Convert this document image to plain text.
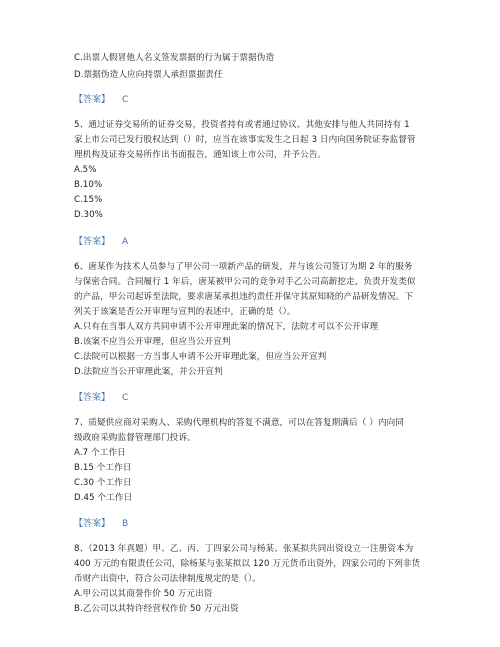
C.出票人假冒他人名义签发票据的行为属于票据伪造
D.票据伪造人应向持票人承担票据责任
【答案】 C
5、通过证券交易所的证券交易，投资者持有或者通过协议、其他安排与他人共同持有 1
家上市公司已发行股权达到（）时，应当在该事实发生之日起 3 日内向国务院证券监督管
理机构及证券交易所作出书面报告，通知该上市公司，并予公告。
A.5%
B.10%
C.15%
D.30%
【答案】 A
6、唐某作为技术人员参与了甲公司一项新产品的研发，并与该公司签订为期 2 年的服务
与保密合同。合同履行 1 年后，唐某被甲公司的竞争对手乙公司高薪挖走，负责开发类似
的产品，甲公司起诉至法院，要求唐某承担违约责任并保守其原知晓的产品研发情况。下
列关于该案是否公开审理与宣判的表述中，正确的是（）。
A.只有在当事人双方共同申请不公开审理此案的情况下，法院才可以不公开审理
B.该案不应当公开审理，但应当公开宣判
C.法院可以根据一方当事人申请不公开审理此案，但应当公开宣判
D.法院应当公开审理此案，并公开宣判
【答案】 C
7、质疑供应商对采购人、采购代理机构的答复不满意，可以在答复期满后（ ）内向同
级政府采购监督管理部门投诉。
A.7 个工作日
B.15 个工作日
C.30 个工作日
D.45 个工作日
【答案】 B
8、（2013 年真题）甲、乙、丙、丁四家公司与杨某、张某拟共同出资设立一注册资本为
400 万元的有限责任公司，除杨某与张某拟以 120 万元货币出资外，四家公司的下列非货
币财产出资中，符合公司法律制度规定的是（）。
A.甲公司以其商誉作价 50 万元出资
B.乙公司以其特许经营权作价 50 万元出资
